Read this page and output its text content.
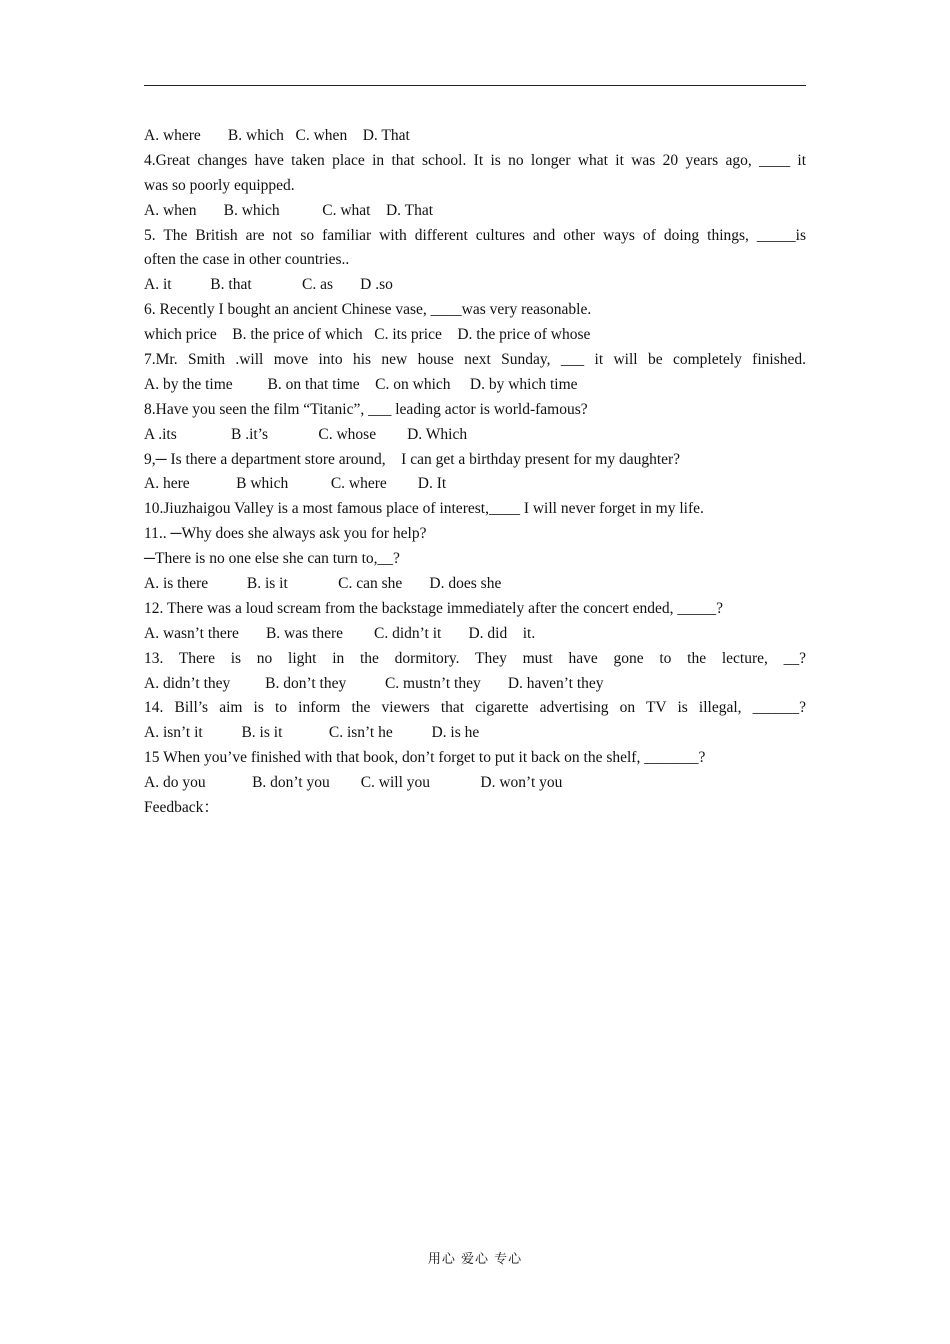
A. where       B. which   C. when    D. That
4.Great changes have taken place in that school. It is no longer what it was 20 years ago, ____ it
was so poorly equipped.
A. when       B. which           C. what    D. That
5. The British are not so familiar with different cultures and other ways of doing things, _____is
often the case in other countries..
A. it          B. that             C. as       D .so
6. Recently I bought an ancient Chinese vase, ____was very reasonable.
which price    B. the price of which   C. its price    D. the price of whose
7.Mr. Smith .will move into his new house next Sunday, ___ it will be completely finished.
A. by the time         B. on that time    C. on which     D. by which time
8.Have you seen the film “Titanic”, ___ leading actor is world-famous?
A .its              B .it’s             C. whose        D. Which
9,─ Is there a department store around,    I can get a birthday present for my daughter?
A. here            B which           C. where        D. It
10.Jiuzhaigou Valley is a most famous place of interest,____ I will never forget in my life.
11.. ─Why does she always ask you for help?
─There is no one else she can turn to,__?
A. is there          B. is it             C. can she       D. does she
12. There was a loud scream from the backstage immediately after the concert ended, _____?
A. wasn’t there       B. was there        C. didn’t it       D. did    it.
13. There is no light in the dormitory. They must have gone to the lecture, __?
A. didn’t they         B. don’t they          C. mustn’t they       D. haven’t they
14. Bill’s aim is to inform the viewers that cigarette advertising on TV is illegal, ______?
A. isn’t it          B. is it            C. isn’t he          D. is he
15 When you’ve finished with that book, don’t forget to put it back on the shelf, _______?
A. do you            B. don’t you        C. will you             D. won’t you
Feedback：
用心 爱心 专心
